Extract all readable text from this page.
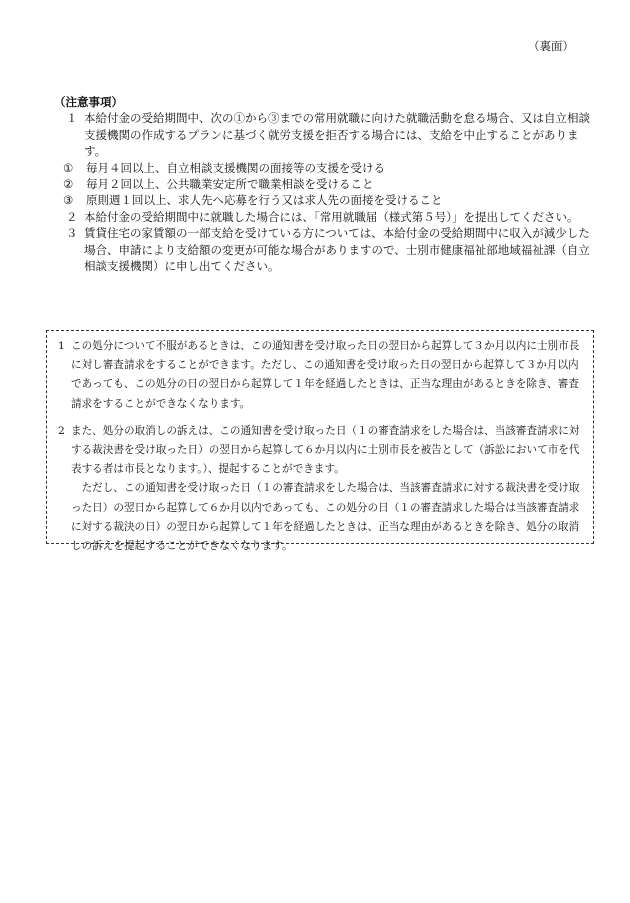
（裏面）

（注意事項）

１ 本給付金の受給期間中、次の①から③までの常用就職に向けた就職活動を怠る場合、又は自立相談支援機関の作成するプランに基づく就労支援を拒否する場合には、支給を中止することがあります。
① 毎月４回以上、自立相談支援機関の面接等の支援を受ける
② 毎月２回以上、公共職業安定所で職業相談を受けること
③ 原則週１回以上、求人先へ応募を行う又は求人先の面接を受けること
２ 本給付金の受給期間中に就職した場合には、「常用就職届（様式第５号）」を提出してください。
３ 賃貸住宅の家賃額の一部支給を受けている方については、本給付金の受給期間中に収入が減少した場合、申請により支給額の変更が可能な場合がありますので、士別市健康福祉部地域福祉課（自立相談支援機関）に申し出てください。
1 この処分について不服があるときは、この通知書を受け取った日の翌日から起算して３か月以内に士別市長に対し審査請求をすることができます。ただし、この通知書を受け取った日の翌日から起算して３か月以内であっても、この処分の日の翌日から起算して１年を経過したときは、正当な理由があるときを除き、審査請求をすることができなくなります。
2 また、処分の取消しの訴えは、この通知書を受け取った日（１の審査請求をした場合は、当該審査請求に対する裁決書を受け取った日）の翌日から起算して６か月以内に士別市長を被告として（訴訟において市を代表する者は市長となります。）、提起することができます。

ただし、この通知書を受け取った日（１の審査請求をした場合は、当該審査請求に対する裁決書を受け取った日）の翌日から起算して６か月以内であっても、この処分の日（１の審査請求した場合は当該審査請求に対する裁決の日）の翌日から起算して１年を経過したときは、正当な理由があるときを除き、処分の取消しの訴えを提起することができなくなります。
